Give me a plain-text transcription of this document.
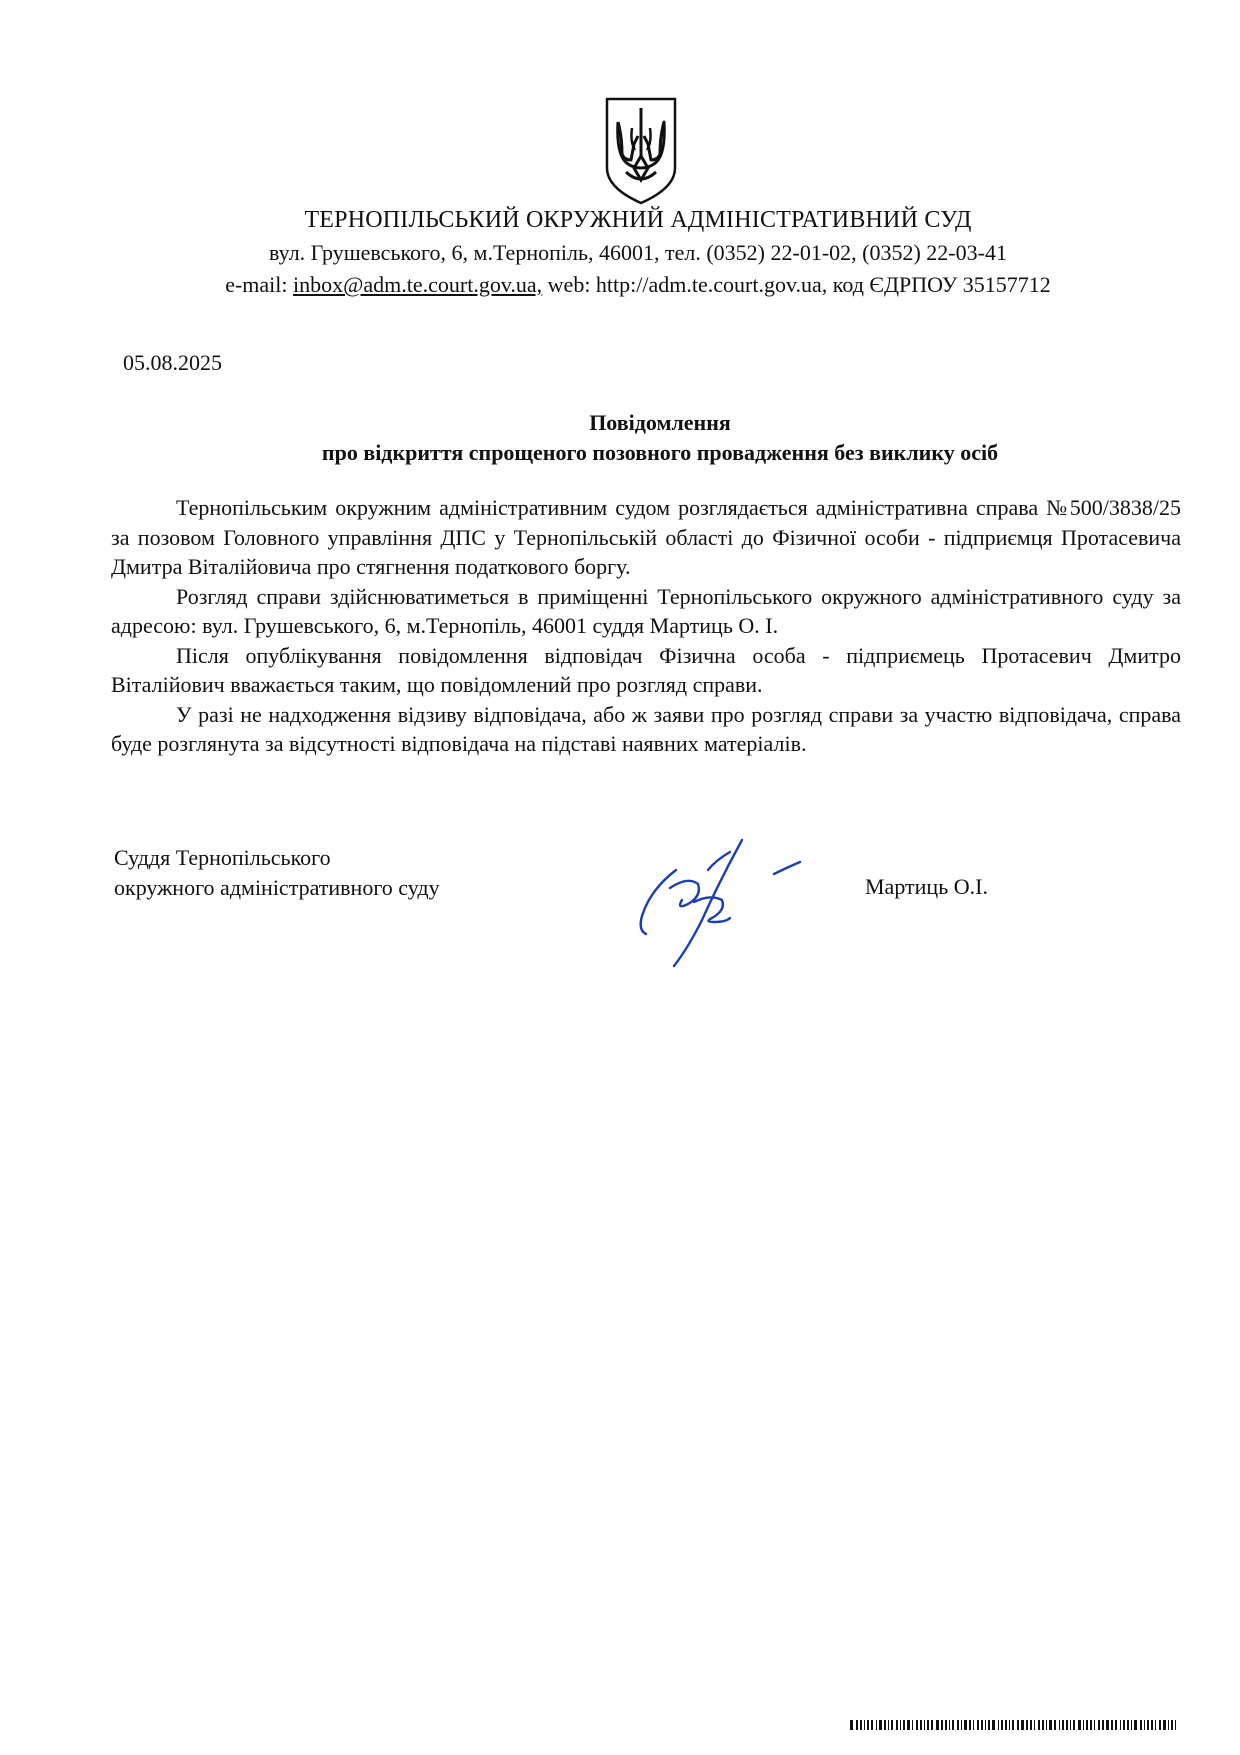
ТЕРНОПІЛЬСЬКИЙ ОКРУЖНИЙ АДМІНІСТРАТИВНИЙ СУД
вул. Грушевського, 6, м.Тернопіль, 46001, тел. (0352) 22-01-02, (0352) 22-03-41
e-mail: inbox@adm.te.court.gov.ua, web: http://adm.te.court.gov.ua, код ЄДРПОУ 35157712
05.08.2025
Повідомлення
про відкриття спрощеного позовного провадження без виклику осіб

Тернопільським окружним адміністративним судом розглядається адміністративна справа №500/3838/25 за позовом Головного управління ДПС у Тернопільській області до Фізичної особи - підприємця Протасевича Дмитра Віталійовича про стягнення податкового боргу.

Розгляд справи здійснюватиметься в приміщенні Тернопільського окружного адміністративного суду за адресою: вул. Грушевського, 6, м.Тернопіль, 46001 суддя Мартиць О. І.

Після опублікування повідомлення відповідач Фізична особа - підприємець Протасевич Дмитро Віталійович вважається таким, що повідомлений про розгляд справи.

У разі не надходження відзиву відповідача, або ж заяви про розгляд справи за участю відповідача, справа буде розглянута за відсутності відповідача на підставі наявних матеріалів.

Суддя Тернопільського
окружного адміністративного суду	Мартиць О.І.
